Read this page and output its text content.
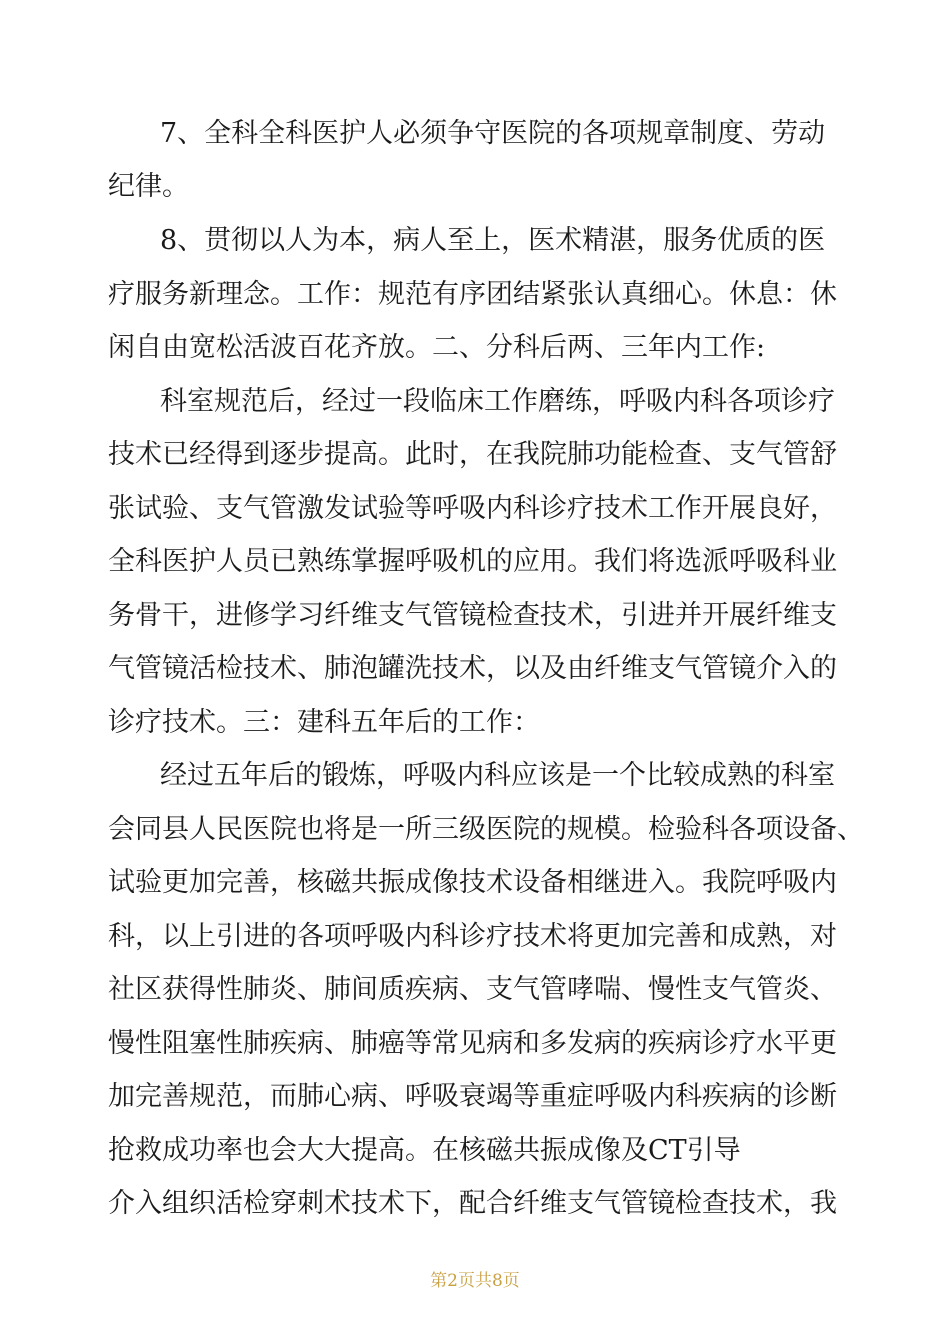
7、全科全科医护人必须争守医院的各项规章制度、劳动
纪律。
8、贯彻以人为本，病人至上，医术精湛，服务优质的医
疗服务新理念。工作：规范有序团结紧张认真细心。休息：休
闲自由宽松活波百花齐放。二、分科后两、三年内工作:
科室规范后，经过一段临床工作磨练，呼吸内科各项诊疗
技术已经得到逐步提高。此时，在我院肺功能检查、支气管舒
张试验、支气管激发试验等呼吸内科诊疗技术工作开展良好，
全科医护人员已熟练掌握呼吸机的应用。我们将选派呼吸科业
务骨干，进修学习纤维支气管镜检查技术，引进并开展纤维支
气管镜活检技术、肺泡罐洗技术，以及由纤维支气管镜介入的
诊疗技术。三：建科五年后的工作：
经过五年后的锻炼，呼吸内科应该是一个比较成熟的科室
会同县人民医院也将是一所三级医院的规模。检验科各项设备、
试验更加完善，核磁共振成像技术设备相继进入。我院呼吸内
科，以上引进的各项呼吸内科诊疗技术将更加完善和成熟，对
社区获得性肺炎、肺间质疾病、支气管哮喘、慢性支气管炎、
慢性阻塞性肺疾病、肺癌等常见病和多发病的疾病诊疗水平更
加完善规范，而肺心病、呼吸衰竭等重症呼吸内科疾病的诊断
抢救成功率也会大大提高。在核磁共振成像及CT引导
介入组织活检穿刺术技术下，配合纤维支气管镜检查技术，我
第2页共8页
